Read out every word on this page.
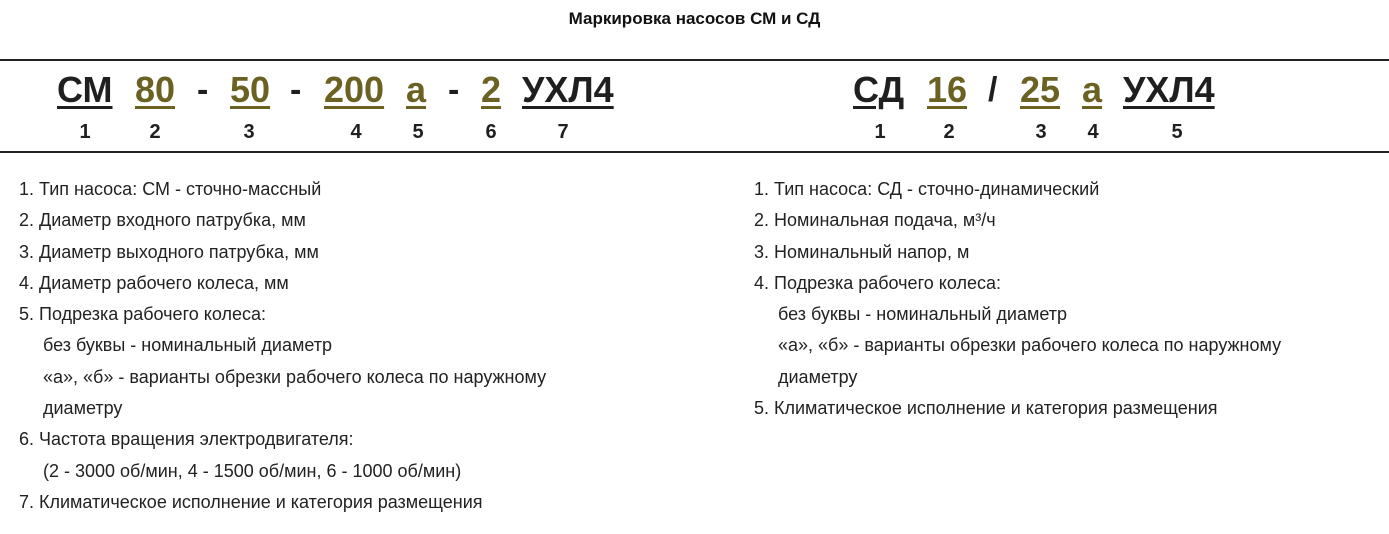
Маркировка насосов СМ и СД
СМ 80 - 50 - 200 а - 2 УХЛ4
1	2	3	4	5	6	7
СД 16 / 25 а УХЛ4
1	2	3	4	5
1. Тип насоса: СМ - сточно-массный
2. Диаметр входного патрубка, мм
3. Диаметр выходного патрубка, мм
4. Диаметр рабочего колеса, мм
5. Подрезка рабочего колеса:
без буквы - номинальный диаметр
«а», «б» - варианты обрезки рабочего колеса по наружному
диаметру
6. Частота вращения электродвигателя:
(2 - 3000 об/мин, 4 - 1500 об/мин, 6 - 1000 об/мин)
7. Климатическое исполнение и категория размещения
1. Тип насоса: СД - сточно-динамический
2. Номинальная подача, м³/ч
3. Номинальный напор, м
4. Подрезка рабочего колеса:
без буквы - номинальный диаметр
«а», «б» - варианты обрезки рабочего колеса по наружному
диаметру
5. Климатическое исполнение и категория размещения
